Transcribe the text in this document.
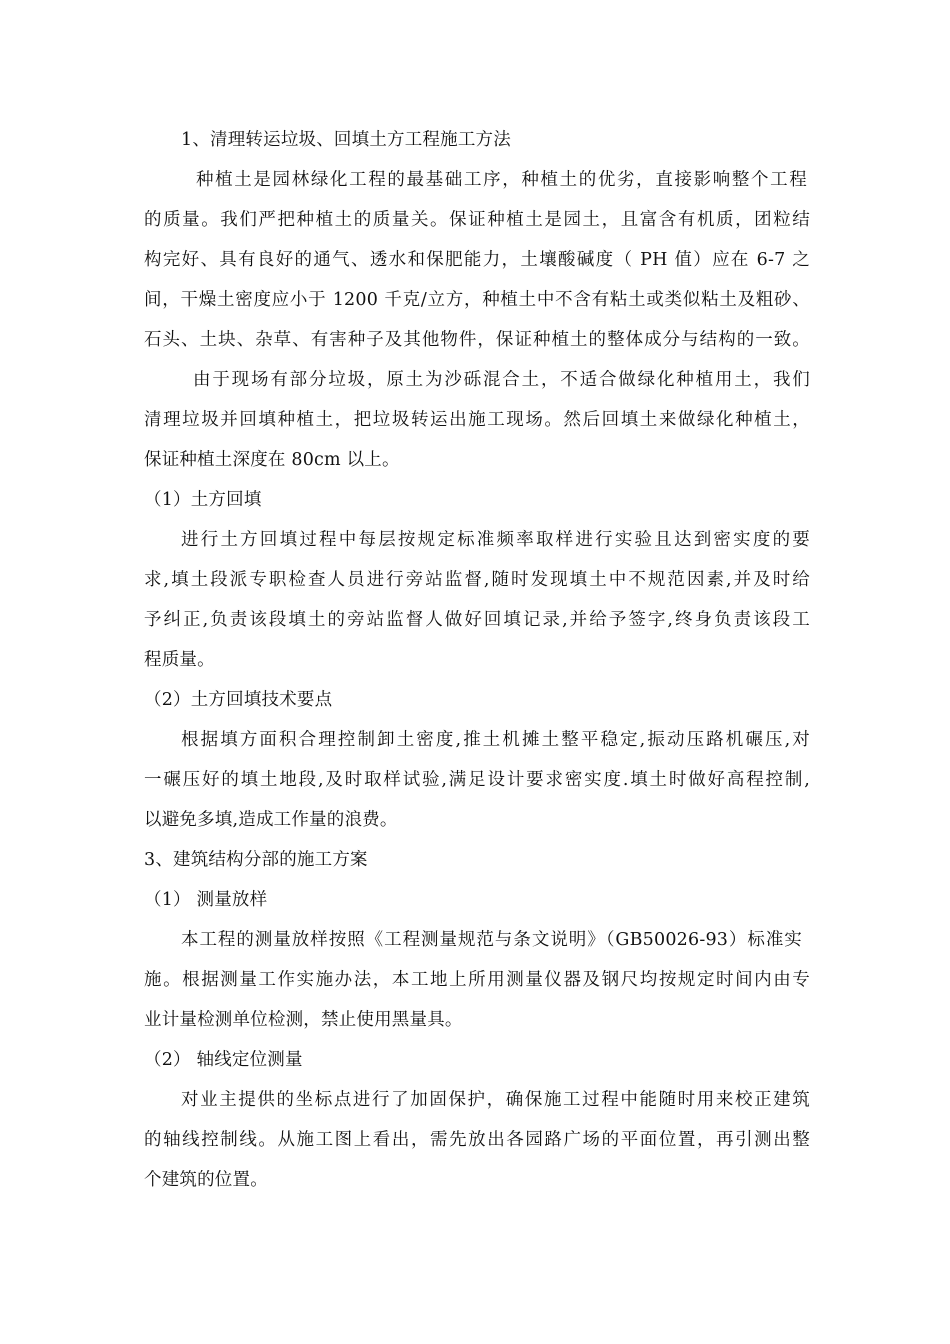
1、清理转运垃圾、回填土方工程施工方法
种植土是园林绿化工程的最基础工序，种植土的优劣，直接影响整个工程
的质量。我们严把种植土的质量关。保证种植土是园土，且富含有机质，团粒结
构完好、具有良好的通气、透水和保肥能力，土壤酸碱度（ PH 值）应在 6-7 之
间，干燥土密度应小于 1200 千克/立方，种植土中不含有粘土或类似粘土及粗砂、
石头、土块、杂草、有害种子及其他物件，保证种植土的整体成分与结构的一致。
由于现场有部分垃圾，原土为沙砾混合土，不适合做绿化种植用土，我们
清理垃圾并回填种植土，把垃圾转运出施工现场。然后回填土来做绿化种植土，
保证种植土深度在 80cm 以上。
（1）土方回填
进行土方回填过程中每层按规定标准频率取样进行实验且达到密实度的要
求,填土段派专职检查人员进行旁站监督,随时发现填土中不规范因素,并及时给
予纠正,负责该段填土的旁站监督人做好回填记录,并给予签字,终身负责该段工
程质量。
（2）土方回填技术要点
根据填方面积合理控制卸土密度,推土机摊土整平稳定,振动压路机碾压,对
一碾压好的填土地段,及时取样试验,满足设计要求密实度.填土时做好高程控制,
以避免多填,造成工作量的浪费。
3、建筑结构分部的施工方案
（1） 测量放样
本工程的测量放样按照《工程测量规范与条文说明》（GB50026-93）标准实
施。根据测量工作实施办法，本工地上所用测量仪器及钢尺均按规定时间内由专
业计量检测单位检测，禁止使用黑量具。
（2） 轴线定位测量
对业主提供的坐标点进行了加固保护，确保施工过程中能随时用来校正建筑
的轴线控制线。从施工图上看出，需先放出各园路广场的平面位置，再引测出整
个建筑的位置。
